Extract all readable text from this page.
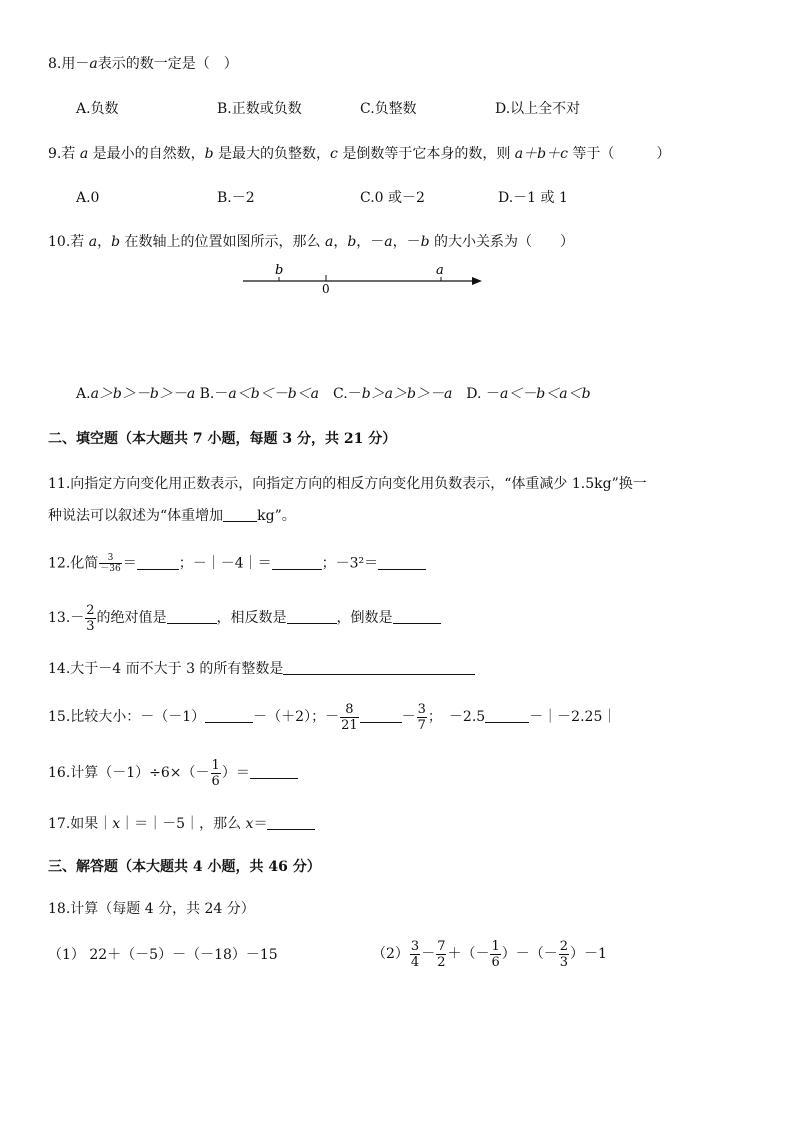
8.用－a表示的数一定是（　）
A.负数	B.正数或负数	C.负整数	D.以上全不对
9.若 a 是最小的自然数，b 是最大的负整数，c 是倒数等于它本身的数，则 a＋b＋c 等于（　　　）
A.0	B.－2	C.0 或－2	D.－1 或 1
10.若 a，b 在数轴上的位置如图所示，那么 a，b，－a，－b 的大小关系为（　　）
b
0
a
A.a＞b＞－b＞－a B.－a＜b＜－b＜a　C.－b＞a＞b＞－a　D. －a＜－b＜a＜b
二、填空题（本大题共 7 小题，每题 3 分，共 21 分）
11.向指定方向变化用正数表示，向指定方向的相反方向变化用负数表示，“体重减少 1.5kg”换一
种说法可以叙述为“体重增加 kg”。
12.化简 $\frac{3}{-36}$ ＝	；－｜－4｜＝	；－3²＝
$13.- \frac{2}{3}$ 的绝对值是	，相反数是	，倒数是
14.大于－4 而不大于 3 的所有整数是
15.比较大小：－（－1）	－（＋2）；－ $\frac{8}{21}$	－ $\frac{3}{7}$ ；　－2.5	－｜－2.25｜
16.计算$(-1)\div 6\times(- \frac{1}{6}$ ）＝
17.如果｜x｜＝｜－5｜，那么 x＝
三、解答题（本大题共 4 小题，共 46 分）
18.计算（每题 4 分，共 24 分）
（1） 22＋（－5）－（－18）－15	$(2) \frac{3}{4} - \frac{7}{2}$ ＋（－ $\frac{1}{6}$ ）－（－ $\frac{2}{3} )-1$
